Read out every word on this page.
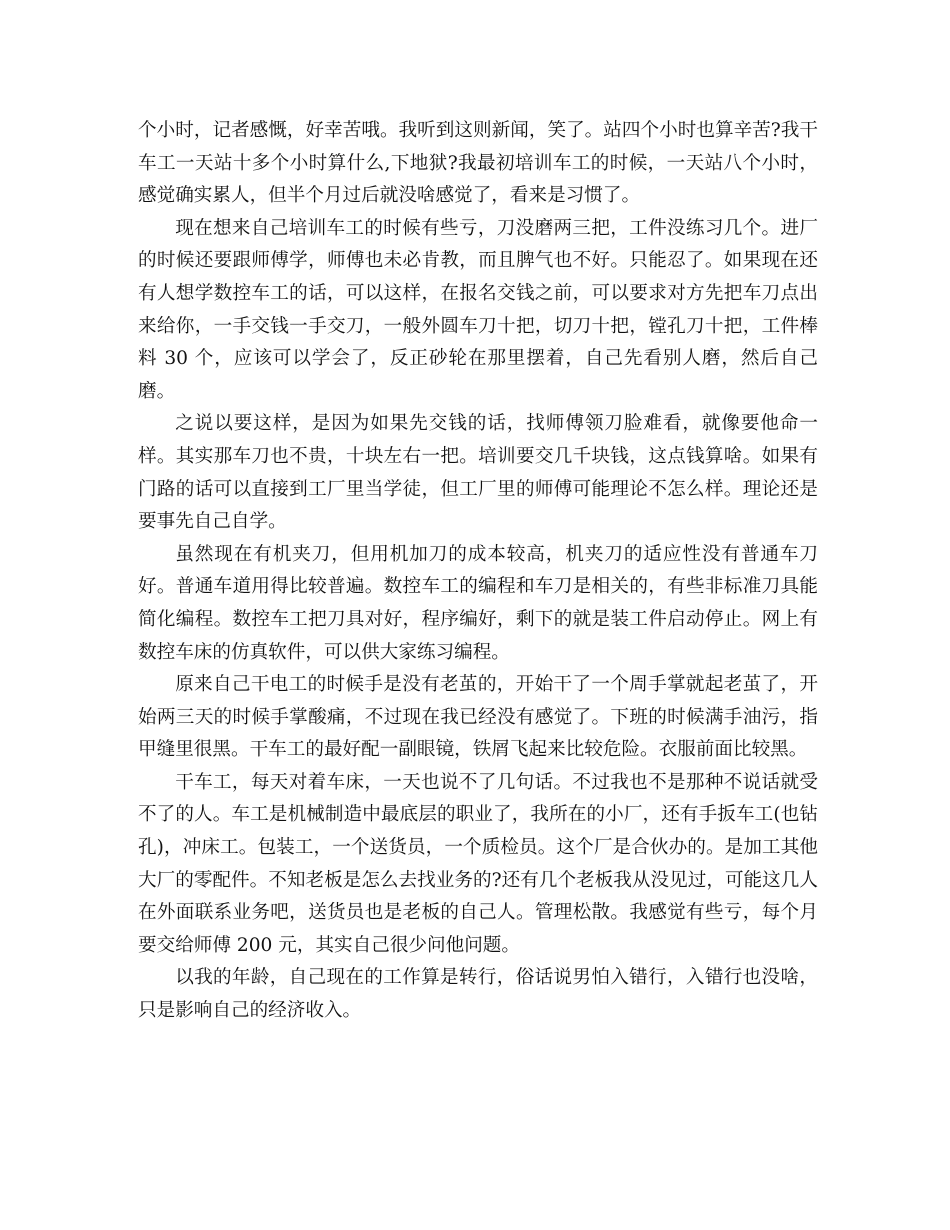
个小时，记者感慨，好幸苦哦。我听到这则新闻，笑了。站四个小时也算辛苦?我干车工一天站十多个小时算什么,下地狱?我最初培训车工的时候，一天站八个小时，感觉确实累人，但半个月过后就没啥感觉了，看来是习惯了。

现在想来自己培训车工的时候有些亏，刀没磨两三把，工件没练习几个。进厂的时候还要跟师傅学，师傅也未必肯教，而且脾气也不好。只能忍了。如果现在还有人想学数控车工的话，可以这样，在报名交钱之前，可以要求对方先把车刀点出来给你，一手交钱一手交刀，一般外圆车刀十把，切刀十把，镗孔刀十把，工件棒料 30 个，应该可以学会了，反正砂轮在那里摆着，自己先看别人磨，然后自己磨。

之说以要这样，是因为如果先交钱的话，找师傅领刀脸难看，就像要他命一样。其实那车刀也不贵，十块左右一把。培训要交几千块钱，这点钱算啥。如果有门路的话可以直接到工厂里当学徒，但工厂里的师傅可能理论不怎么样。理论还是要事先自己自学。

虽然现在有机夹刀，但用机加刀的成本较高，机夹刀的适应性没有普通车刀好。普通车道用得比较普遍。数控车工的编程和车刀是相关的，有些非标准刀具能简化编程。数控车工把刀具对好，程序编好，剩下的就是装工件启动停止。网上有数控车床的仿真软件，可以供大家练习编程。

原来自己干电工的时候手是没有老茧的，开始干了一个周手掌就起老茧了，开始两三天的时候手掌酸痛，不过现在我已经没有感觉了。下班的时候满手油污，指甲缝里很黑。干车工的最好配一副眼镜，铁屑飞起来比较危险。衣服前面比较黑。

干车工，每天对着车床，一天也说不了几句话。不过我也不是那种不说话就受不了的人。车工是机械制造中最底层的职业了，我所在的小厂，还有手扳车工(也钻孔)，冲床工。包装工，一个送货员，一个质检员。这个厂是合伙办的。是加工其他大厂的零配件。不知老板是怎么去找业务的?还有几个老板我从没见过，可能这几人在外面联系业务吧，送货员也是老板的自己人。管理松散。我感觉有些亏，每个月要交给师傅 200 元，其实自己很少问他问题。

以我的年龄，自己现在的工作算是转行，俗话说男怕入错行，入错行也没啥，只是影响自己的经济收入。
